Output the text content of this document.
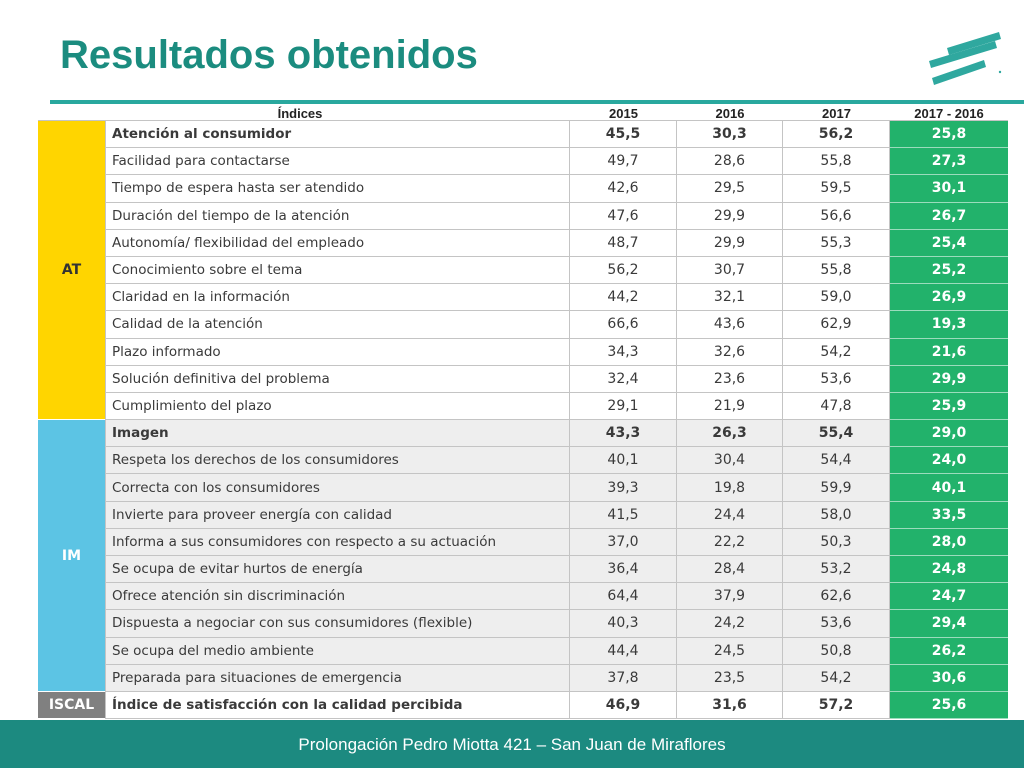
Resultados obtenidos
Índices	2015	2016	2017	2017 - 2016
AT
Atención al consumidor	45,5	30,3	56,2	25,8
Facilidad para contactarse	49,7	28,6	55,8	27,3
Tiempo de espera hasta ser atendido	42,6	29,5	59,5	30,1
Duración del tiempo de la atención	47,6	29,9	56,6	26,7
Autonomía/ flexibilidad del empleado	48,7	29,9	55,3	25,4
Conocimiento sobre el tema	56,2	30,7	55,8	25,2
Claridad en la información	44,2	32,1	59,0	26,9
Calidad de la atención	66,6	43,6	62,9	19,3
Plazo informado	34,3	32,6	54,2	21,6
Solución definitiva del problema	32,4	23,6	53,6	29,9
Cumplimiento del plazo	29,1	21,9	47,8	25,9
IM
Imagen	43,3	26,3	55,4	29,0
Respeta los derechos de los consumidores	40,1	30,4	54,4	24,0
Correcta con los consumidores	39,3	19,8	59,9	40,1
Invierte para proveer energía con calidad	41,5	24,4	58,0	33,5
Informa a sus consumidores con respecto a su actuación	37,0	22,2	50,3	28,0
Se ocupa de evitar hurtos de energía	36,4	28,4	53,2	24,8
Ofrece atención sin discriminación	64,4	37,9	62,6	24,7
Dispuesta a negociar con sus consumidores (flexible)	40,3	24,2	53,6	29,4
Se ocupa del medio ambiente	44,4	24,5	50,8	26,2
Preparada para situaciones de emergencia	37,8	23,5	54,2	30,6
ISCAL	Índice de satisfacción con la calidad percibida	46,9	31,6	57,2	25,6
Prolongación Pedro Miotta 421 – San Juan de Miraflores
